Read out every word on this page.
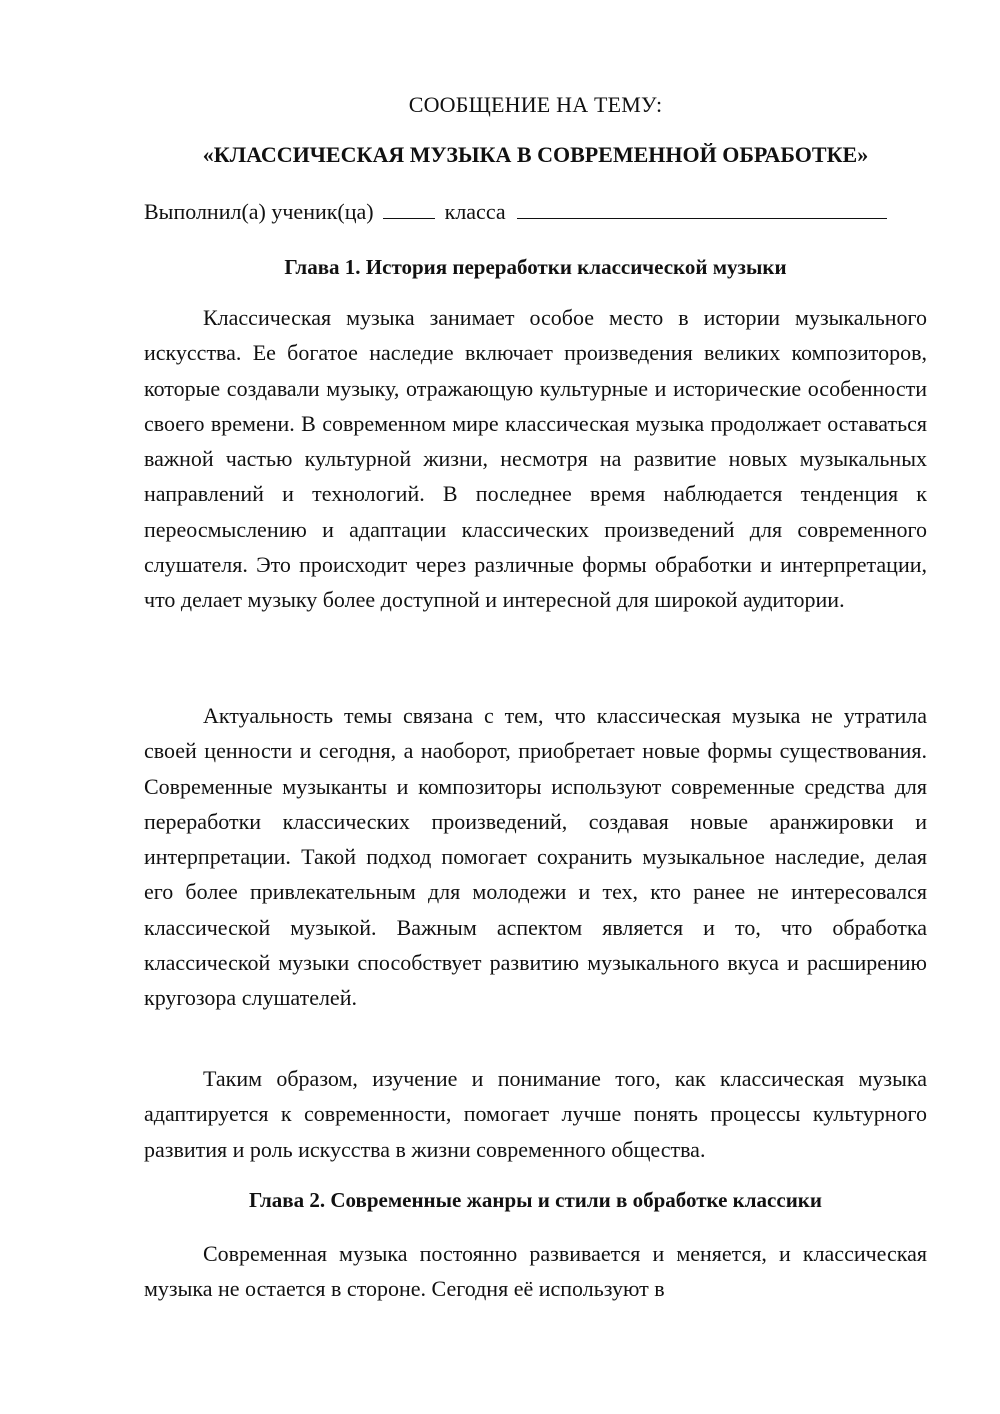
СООБЩЕНИЕ НА ТЕМУ:
«КЛАССИЧЕСКАЯ МУЗЫКА В СОВРЕМЕННОЙ ОБРАБОТКЕ»
Выполнил(а) ученик(ца)	класса
Глава 1. История переработки классической музыки

Классическая музыка занимает особое место в истории музыкального искусства. Ее богатое наследие включает произведения великих композиторов, которые создавали музыку, отражающую культурные и исторические особенности своего времени. В современном мире классическая музыка продолжает оставаться важной частью культурной жизни, несмотря на развитие новых музыкальных направлений и технологий. В последнее время наблюдается тенденция к переосмыслению и адаптации классических произведений для современного слушателя. Это происходит через различные формы обработки и интерпретации, что делает музыку более доступной и интересной для широкой аудитории.

Актуальность темы связана с тем, что классическая музыка не утратила своей ценности и сегодня, а наоборот, приобретает новые формы существования. Современные музыканты и композиторы используют современные средства для переработки классических произведений, создавая новые аранжировки и интерпретации. Такой подход помогает сохранить музыкальное наследие, делая его более привлекательным для молодежи и тех, кто ранее не интересовался классической музыкой. Важным аспектом является и то, что обработка классической музыки способствует развитию музыкального вкуса и расширению кругозора слушателей.

Таким образом, изучение и понимание того, как классическая музыка адаптируется к современности, помогает лучше понять процессы культурного развития и роль искусства в жизни современного общества.

Глава 2. Современные жанры и стили в обработке классики

Современная музыка постоянно развивается и меняется, и классическая музыка не остается в стороне. Сегодня её используют в
